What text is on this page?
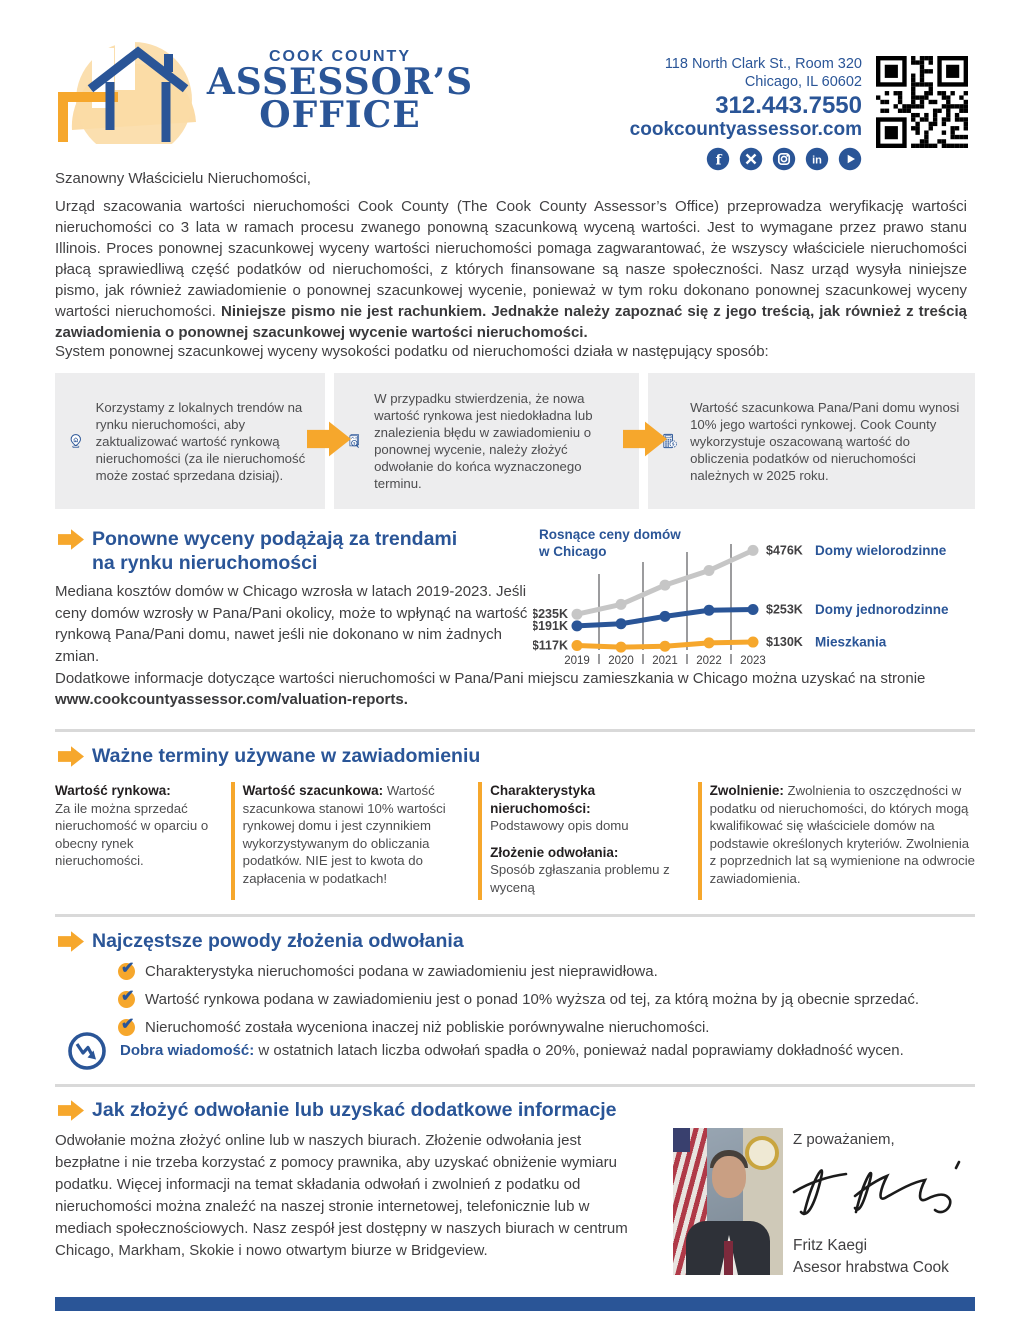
COOK COUNTY
ASSESSOR’S
OFFICE
118 North Clark St., Room 320
Chicago, IL 60602
312.443.7550
cookcountyassessor.com
f	in

Szanowny Właścicielu Nieruchomości,

Urząd szacowania wartości nieruchomości Cook County (The Cook County Assessor’s Office) przeprowadza weryfikację wartości nieruchomości co 3 lata w ramach procesu zwanego ponowną szacunkową wyceną wartości. Jest to wymagane przez prawo stanu Illinois. Proces ponownej szacunkowej wyceny wartości nieruchomości pomaga zagwarantować, że wszyscy właściciele nieruchomości płacą sprawiedliwą część podatków od nieruchomości, z których finansowane są nasze społeczności. Nasz urząd wysyła niniejsze pismo, jak również zawiadomienie o ponownej szacunkowej wycenie, ponieważ w tym roku dokonano ponownej szacunkowej wyceny wartości nieruchomości. Niniejsze pismo nie jest rachunkiem. Jednakże należy zapoznać się z jego treścią, jak również z treścią zawiadomienia o ponownej szacunkowej wycenie wartości nieruchomości.

System ponownej szacunkowej wyceny wysokości podatku od nieruchomości działa w następujący sposób:

Korzystamy z lokalnych trendów na rynku nieruchomości, aby zaktualizować wartość rynkową nieruchomości (za ile nieruchomość może zostać sprzedana dzisiaj).
$
W przypadku stwierdzenia, że nowa wartość rynkowa jest niedokładna lub znalezienia błędu w zawiadomieniu o ponownej wycenie, należy złożyć odwołanie do końca wyznaczonego terminu.
$
Wartość szacunkowa Pana/Pani domu wynosi 10% jego wartości rynkowej. Cook County wykorzystuje oszacowaną wartość do obliczenia podatków od nieruchomości należnych w 2025 roku.
Ponowne wyceny podążają za trendami
na rynku nieruchomości

Mediana kosztów domów w Chicago wzrosła w latach 2019-2023. Jeśli ceny domów wzrosły w Pana/Pani okolicy, może to wpłynąć na wartość rynkową Pana/Pani domu, nawet jeśli nie dokonano w nim żadnych zmian.

$235K
$476K Domy wielorodzinne
$191K
$253K Domy jednorodzinne
$117K	$130K Mieszkania
2019 2020 2021 2022 2023
Rosnące ceny domów
w Chicago

Dodatkowe informacje dotyczące wartości nieruchomości w Pana/Pani miejscu zamieszkania w Chicago można uzyskać na stronie www.cookcountyassessor.com/valuation-reports.

Ważne terminy używane w zawiadomieniu
Wartość rynkowa:
Za ile można sprzedać nieruchomość w oparciu o obecny rynek nieruchomości.
Wartość szacunkowa: Wartość szacunkowa stanowi 10% wartości rynkowej domu i jest czynnikiem wykorzystywanym do obliczania podatków. NIE jest to kwota do zapłacenia w podatkach!
Charakterystyka nieruchomości:
Podstawowy opis domu
Złożenie odwołania:
Sposób zgłaszania problemu z wyceną
Zwolnienie: Zwolnienia to oszczędności w podatku od nieruchomości, do których mogą kwalifikować się właściciele domów na podstawie określonych kryteriów. Zwolnienia z poprzednich lat są wymienione na odwrocie zawiadomienia.
Najczęstsze powody złożenia odwołania
✔
Charakterystyka nieruchomości podana w zawiadomieniu jest nieprawidłowa.
✔
Wartość rynkowa podana w zawiadomieniu jest o ponad 10% wyższa od tej, za którą można by ją obecnie sprzedać.
✔
Nieruchomość została wyceniona inaczej niż pobliskie porównywalne nieruchomości.

Dobra wiadomość: w ostatnich latach liczba odwołań spadła o 20%, ponieważ nadal poprawiamy dokładność wycen.

Jak złożyć odwołanie lub uzyskać dodatkowe informacje

Odwołanie można złożyć online lub w naszych biurach. Złożenie odwołania jest bezpłatne i nie trzeba korzystać z pomocy prawnika, aby uzyskać obniżenie wymiaru podatku. Więcej informacji na temat składania odwołań i zwolnień z podatku od nieruchomości można znaleźć na naszej stronie internetowej, telefonicznie lub w mediach społecznościowych. Nasz zespół jest dostępny w naszych biurach w centrum Chicago, Markham, Skokie i nowo otwartym biurze w Bridgeview.

Z poważaniem,
Fritz Kaegi
Asesor hrabstwa Cook
